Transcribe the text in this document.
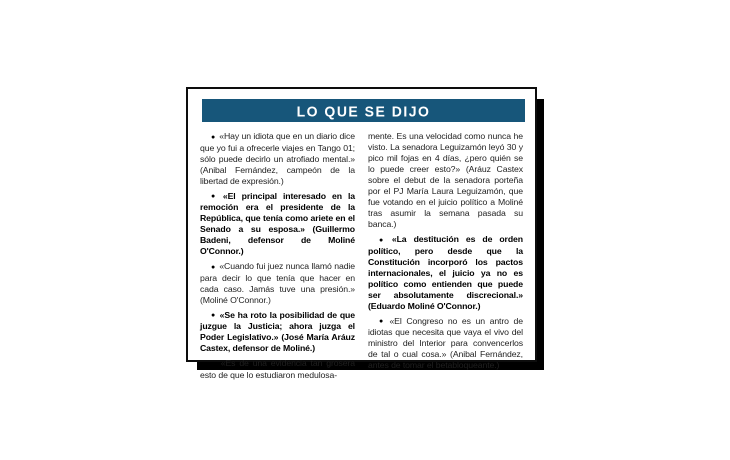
LO QUE SE DIJO

● «Hay un idiota que en un diario dice que yo fui a ofrecerle viajes en Tango 01; sólo puede decirlo un atrofiado mental.» (Anibal Fernández, campeón de la libertad de expresión.)

● «El principal interesado en la remoción era el presidente de la República, que tenía como ariete en el Senado a su esposa.» (Guillermo Badeni, defensor de Moliné O'Connor.)

● «Cuando fui juez nunca llamó nadie para decir lo que tenía que hacer en cada caso. Jamás tuve una presión.» (Moliné O'Connor.)

● «Se ha roto la posibilidad de que juzgue la Justicia; ahora juzga el Poder Legislativo.» (José María Aráuz Castex, defensor de Moliné.)

● «Es de una evidencia tan grosera esto de que lo estudiaron medulosa-

mente. Es una velocidad como nunca he visto. La senadora Leguizamón leyó 30 y pico mil fojas en 4 días, ¿pero quién se lo puede creer esto?» (Aráuz Castex sobre el debut de la senadora porteña por el PJ María Laura Leguizamón, que fue votando en el juicio político a Moliné tras asumir la semana pasada su banca.)

● «La destitución es de orden político, pero desde que la Constitución incorporó los pactos internacionales, el juicio ya no es político como entienden que puede ser absolutamente discrecional.» (Eduardo Moliné O'Connor.)

● «El Congreso no es un antro de idiotas que necesita que vaya el vivo del ministro del Interior para convencerlos de tal o cual cosa.» (Anibal Fernández, antes de tomar el betabloqueante.)
